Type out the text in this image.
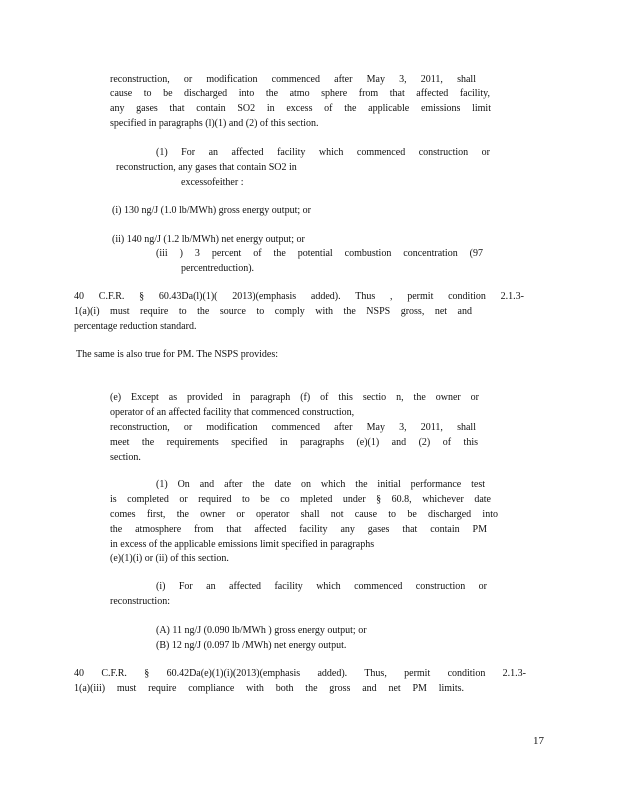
reconstruction, or modification commenced after May 3, 2011, shall
cause to be discharged into the atmo sphere from that affected facility,
any gases that contain SO2 in excess of the applicable emissions limit
specified in paragraphs (l)(1) and (2) of this section.
(1) For an affected facility which commenced construction or
reconstruction, any gases that contain SO2 in
excessofeither :
(i) 130 ng/J (1.0 lb/MWh) gross energy output; or
(ii) 140 ng/J (1.2 lb/MWh) net energy output; or
(iii ) 3 percent of the potential combustion concentration (97
percentreduction).
40 C.F.R. § 60.43Da(l)(1)( 2013)(emphasis added). Thus , permit condition 2.1.3-
1(a)(i) must require to the source to comply with the NSPS gross, net and
percentage reduction standard.
The same is also true for PM. The NSPS provides:
(e) Except as provided in paragraph (f) of this sectio n, the owner or
operator of an affected facility that commenced construction,
reconstruction, or modification commenced after May 3, 2011, shall
meet the requirements specified in paragraphs (e)(1) and (2) of this
section.
(1) On and after the date on which the initial performance test
is completed or required to be co mpleted under § 60.8, whichever date
comes first, the owner or operator shall not cause to be discharged into
the atmosphere from that affected facility any gases that contain PM
in excess of the applicable emissions limit specified in paragraphs
(e)(1)(i) or (ii) of this section.
(i) For an affected facility which commenced construction or
reconstruction:
(A) 11 ng/J (0.090 lb/MWh ) gross energy output; or
(B) 12 ng/J (0.097 lb /MWh) net energy output.
40 C.F.R. § 60.42Da(e)(1)(i)(2013)(emphasis added). Thus, permit condition 2.1.3-
1(a)(iii) must require compliance with both the gross and net PM limits.
17
